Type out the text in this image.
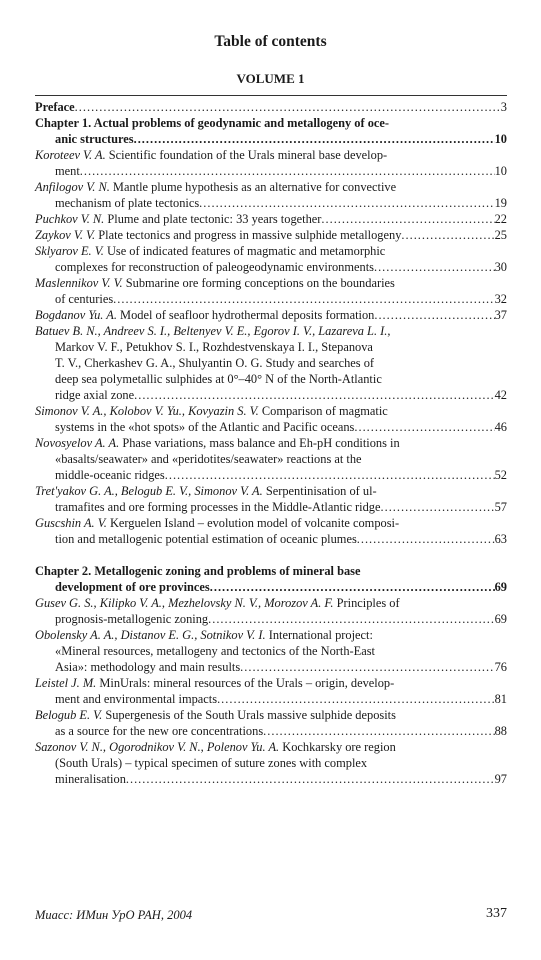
Table of contents
VOLUME 1
Preface .....	3
Chapter 1. Actual problems of geodynamic and metallogeny of oce-
anic structures .....	10
Koroteev V. A. Scientific foundation of the Urals mineral base develop-
ment .....	10
Anfilogov V. N. Mantle plume hypothesis as an alternative for convective
mechanism of plate tectonics .....	19
Puchkov V. N. Plume and plate tectonic: 33 years together .....	22
Zaykov V. V. Plate tectonics and progress in massive sulphide metallogeny .....	25
Sklyarov E. V. Use of indicated features of magmatic and metamorphic
complexes for reconstruction of paleogeodynamic environments .....	30
Maslennikov V. V. Submarine ore forming conceptions on the boundaries
of centuries .....	32
Bogdanov Yu. A. Model of seafloor hydrothermal deposits formation .....	37
Batuev B. N., Andreev S. I., Beltenyev V. E., Egorov I. V., Lazareva L. I.,
Markov V. F., Petukhov S. I., Rozhdestvenskaya I. I., Stepanova
T. V., Cherkashev G. A., Shulyantin O. G. Study and searches of
deep sea polymetallic sulphides at 0°–40° N of the North-Atlantic
ridge axial zone .....	42
Simonov V. A., Kolobov V. Yu., Kovyazin S. V. Comparison of magmatic
systems in the «hot spots» of the Atlantic and Pacific oceans .....	46
Novosyelov A. A. Phase variations, mass balance and Eh-pH conditions in
«basalts/seawater» and «peridotites/seawater» reactions at the
middle-oceanic ridges .....	52
Tret'yakov G. A., Belogub E. V., Simonov V. A. Serpentinisation of ul-
tramafites and ore forming processes in the Middle-Atlantic ridge .....	57
Guscshin A. V. Kerguelen Island – evolution model of volcanite composi-
tion and metallogenic potential estimation of oceanic plumes .....	63
Chapter 2. Metallogenic zoning and problems of mineral base
development of ore provinces .....	69
Gusev G. S., Kilipko V. A., Mezhelovsky N. V., Morozov A. F. Principles of
prognosis-metallogenic zoning .....	69
Obolensky A. A., Distanov E. G., Sotnikov V. I. International project:
«Mineral resources, metallogeny and tectonics of the North-East
Asia»: methodology and main results .....	76
Leistel J. M. MinUrals: mineral resources of the Urals – origin, develop-
ment and environmental impacts .....	81
Belogub E. V. Supergenesis of the South Urals massive sulphide deposits
as a source for the new ore concentrations .....	88
Sazonov V. N., Ogorodnikov V. N., Polenov Yu. A. Kochkarsky ore region
(South Urals) – typical specimen of suture zones with complex
mineralisation .....	97
Миасс: ИМин УрО РАН, 2004	337
